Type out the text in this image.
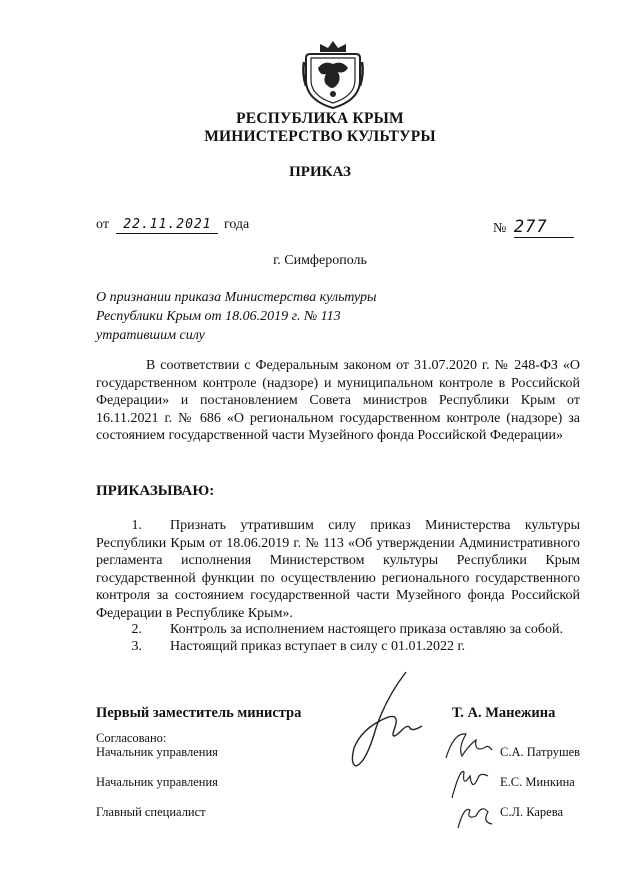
РЕСПУБЛИКА КРЫМ
МИНИСТЕРСТВО КУЛЬТУРЫ
ПРИКАЗ
от 22.11.2021 года	№ 277
г. Симферополь
О признании приказа Министерства культуры
Республики Крым от 18.06.2019 г. № 113
утратившим силу
В соответствии с Федеральным законом от 31.07.2020 г. № 248-ФЗ «О государственном контроле (надзоре) и муниципальном контроле в Российской Федерации» и постановлением Совета министров Республики Крым от 16.11.2021 г. № 686 «О региональном государственном контроле (надзоре) за состоянием государственной части Музейного фонда Российской Федерации»
ПРИКАЗЫВАЮ:
1. Признать утратившим силу приказ Министерства культуры Республики Крым от 18.06.2019 г. № 113 «Об утверждении Административного регламента исполнения Министерством культуры Республики Крым государственной функции по осуществлению регионального государственного контроля за состоянием государственной части Музейного фонда Российской Федерации в Республике Крым».
2. Контроль за исполнением настоящего приказа оставляю за собой.
3. Настоящий приказ вступает в силу с 01.01.2022 г.
Первый заместитель министра	Т. А. Манежина
Согласовано:
Начальник управления
Начальник управления
Главный специалист
С.А. Патрушев
Е.С. Минкина
С.Л. Карева
